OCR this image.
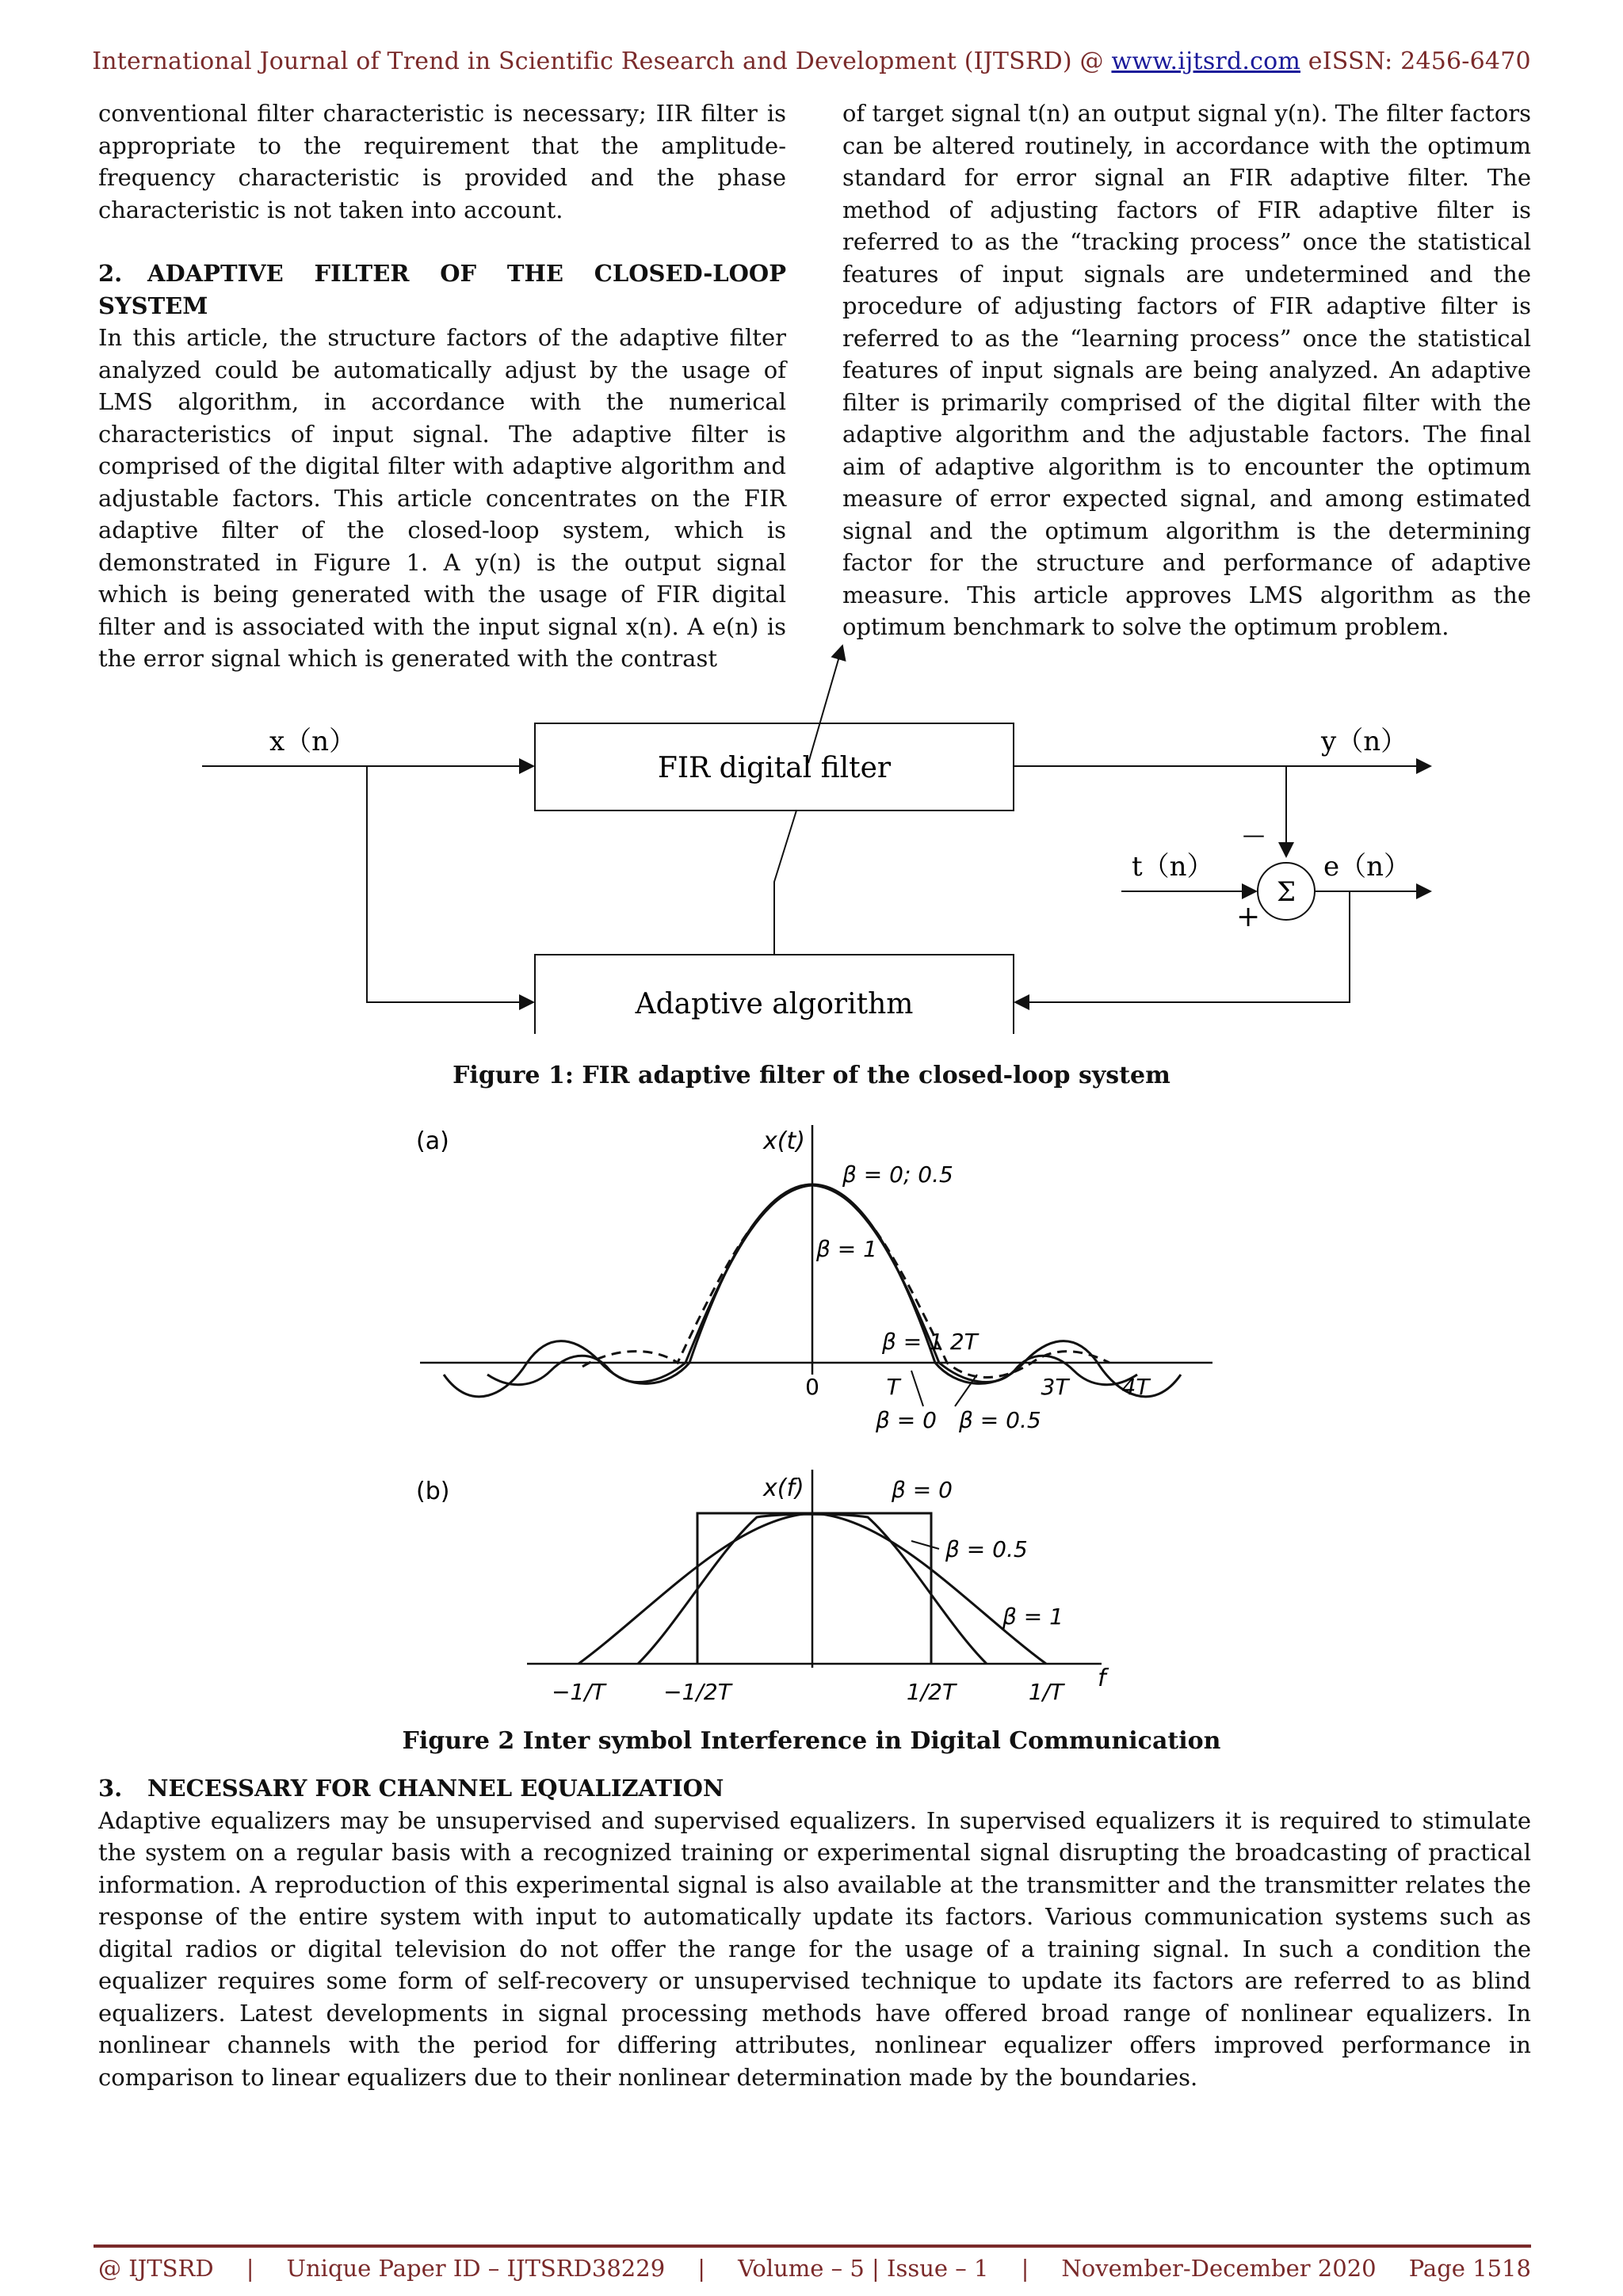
International Journal of Trend in Scientific Research and Development (IJTSRD) @ www.ijtsrd.com eISSN: 2456-6470

conventional filter characteristic is necessary; IIR filter is appropriate to the requirement that the amplitude-frequency characteristic is provided and the phase characteristic is not taken into account.

2. ADAPTIVE FILTER OF THE CLOSED-LOOP SYSTEM

In this article, the structure factors of the adaptive filter analyzed could be automatically adjust by the usage of LMS algorithm, in accordance with the numerical characteristics of input signal. The adaptive filter is comprised of the digital filter with adaptive algorithm and adjustable factors. This article concentrates on the FIR adaptive filter of the closed-loop system, which is demonstrated in Figure 1. A y(n) is the output signal which is being generated with the usage of FIR digital filter and is associated with the input signal x(n). A e(n) is the error signal which is generated with the contrast

of target signal t(n) an output signal y(n). The filter factors can be altered routinely, in accordance with the optimum standard for error signal an FIR adaptive filter. The method of adjusting factors of FIR adaptive filter is referred to as the “tracking process” once the statistical features of input signals are undetermined and the procedure of adjusting factors of FIR adaptive filter is referred to as the “learning process” once the statistical features of input signals are being analyzed. An adaptive filter is primarily comprised of the digital filter with the adaptive algorithm and the adjustable factors. The final aim of adaptive algorithm is to encounter the optimum measure of error expected signal, and among estimated signal and the optimum algorithm is the determining factor for the structure and performance of adaptive measure. This article approves LMS algorithm as the optimum benchmark to solve the optimum problem.

FIR digital filter
Adaptive algorithm
x（n）	y（n）
t（n）	e（n）
Σ
—
+
Figure 1: FIR adaptive filter of the closed-loop system
(a)	x(t)
β = 0; 0.5
β = 1
β = 1 2T
0	T	3T 4T
β = 0 β = 0.5
(b)	x(f)	β = 0
β = 0.5
β = 1
f
−1/T	−1/2T	1/2T	1/T
Figure 2 Inter symbol Interference in Digital Communication

3. NECESSARY FOR CHANNEL EQUALIZATION

Adaptive equalizers may be unsupervised and supervised equalizers. In supervised equalizers it is required to stimulate the system on a regular basis with a recognized training or experimental signal disrupting the broadcasting of practical information. A reproduction of this experimental signal is also available at the transmitter and the transmitter relates the response of the entire system with input to automatically update its factors. Various communication systems such as digital radios or digital television do not offer the range for the usage of a training signal. In such a condition the equalizer requires some form of self-recovery or unsupervised technique to update its factors are referred to as blind equalizers. Latest developments in signal processing methods have offered broad range of nonlinear equalizers. In nonlinear channels with the period for differing attributes, nonlinear equalizer offers improved performance in comparison to linear equalizers due to their nonlinear determination made by the boundaries.

@ IJTSRD | Unique Paper ID – IJTSRD38229 | Volume – 5 | Issue – 1 | November-December 2020 Page 1518
